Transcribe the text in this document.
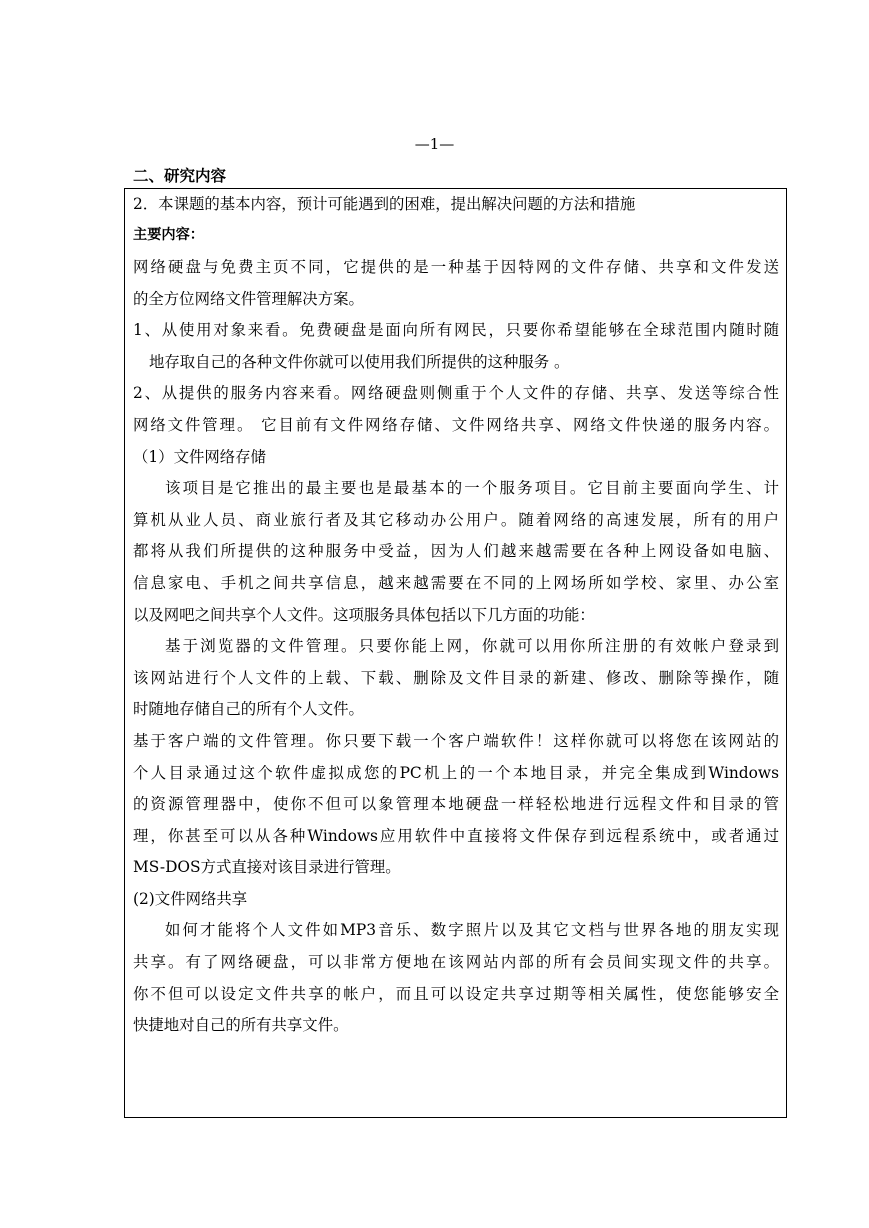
—1—
二、研究内容
2．本课题的基本内容，预计可能遇到的困难，提出解决问题的方法和措施
主要内容：
网络硬盘与免费主页不同，它提供的是一种基于因特网的文件存储、共享和文件发送
的全方位网络文件管理解决方案。
1、从使用对象来看。免费硬盘是面向所有网民，只要你希望能够在全球范围内随时随
地存取自己的各种文件你就可以使用我们所提供的这种服务 。
2、从提供的服务内容来看。网络硬盘则侧重于个人文件的存储、共享、发送等综合性
网络文件管理。 它目前有文件网络存储、文件网络共享、网络文件快递的服务内容。
（1）文件网络存储
该项目是它推出的最主要也是最基本的一个服务项目。它目前主要面向学生、计
算机从业人员、商业旅行者及其它移动办公用户。随着网络的高速发展，所有的用户
都将从我们所提供的这种服务中受益，因为人们越来越需要在各种上网设备如电脑、
信息家电、手机之间共享信息，越来越需要在不同的上网场所如学校、家里、办公室
以及网吧之间共享个人文件。这项服务具体包括以下几方面的功能：
基于浏览器的文件管理。只要你能上网，你就可以用你所注册的有效帐户登录到
该网站进行个人文件的上载、下载、删除及文件目录的新建、修改、删除等操作，随
时随地存储自己的所有个人文件。
基于客户端的文件管理。你只要下载一个客户端软件！这样你就可以将您在该网站的
个人目录通过这个软件虚拟成您的PC机上的一个本地目录，并完全集成到Windows
的资源管理器中，使你不但可以象管理本地硬盘一样轻松地进行远程文件和目录的管
理，你甚至可以从各种Windows应用软件中直接将文件保存到远程系统中，或者通过
MS-DOS方式直接对该目录进行管理。
(2)文件网络共享
如何才能将个人文件如MP3音乐、数字照片以及其它文档与世界各地的朋友实现
共享。有了网络硬盘，可以非常方便地在该网站内部的所有会员间实现文件的共享。
你不但可以设定文件共享的帐户，而且可以设定共享过期等相关属性，使您能够安全
快捷地对自己的所有共享文件。
